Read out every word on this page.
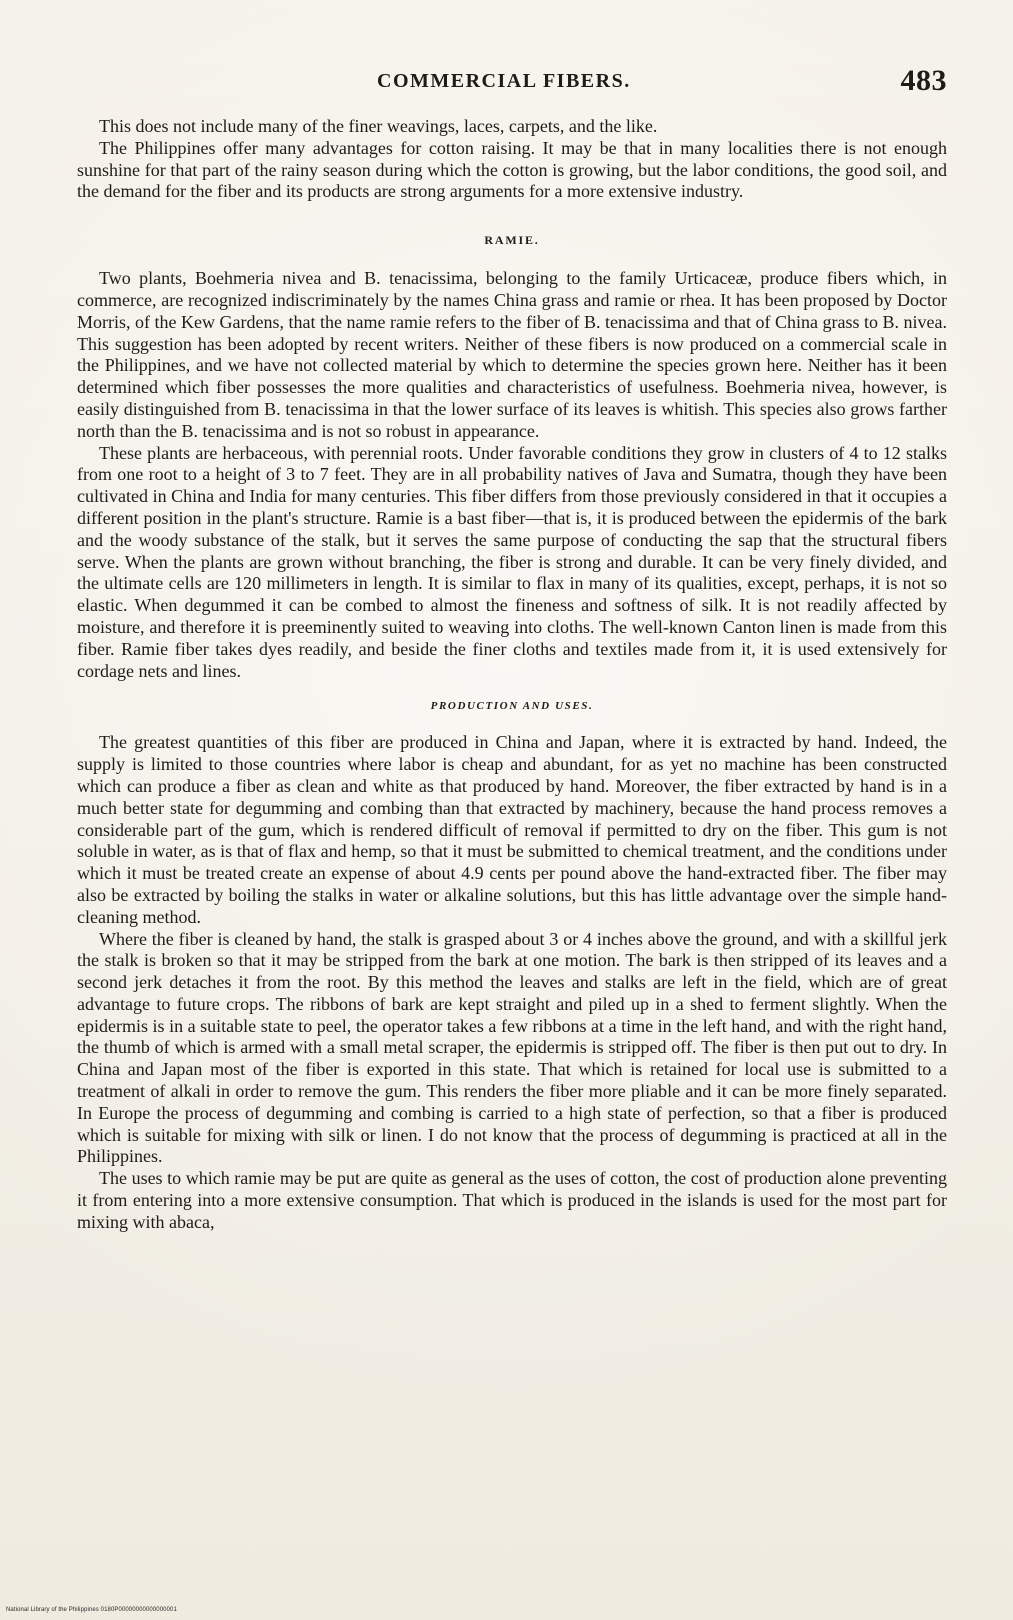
COMMERCIAL FIBERS.	483

This does not include many of the finer weavings, laces, carpets, and the like.

The Philippines offer many advantages for cotton raising. It may be that in many localities there is not enough sunshine for that part of the rainy season during which the cotton is growing, but the labor conditions, the good soil, and the demand for the fiber and its products are strong arguments for a more extensive industry.

RAMIE.

Two plants, Boehmeria nivea and B. tenacissima, belonging to the family Urticaceæ, produce fibers which, in commerce, are recognized indiscriminately by the names China grass and ramie or rhea. It has been proposed by Doctor Morris, of the Kew Gardens, that the name ramie refers to the fiber of B. tenacissima and that of China grass to B. nivea. This suggestion has been adopted by recent writers. Neither of these fibers is now produced on a commercial scale in the Philippines, and we have not collected material by which to determine the species grown here. Neither has it been determined which fiber possesses the more qualities and characteristics of usefulness. Boehmeria nivea, however, is easily distinguished from B. tenacissima in that the lower surface of its leaves is whitish. This species also grows farther north than the B. tenacissima and is not so robust in appearance.

These plants are herbaceous, with perennial roots. Under favorable conditions they grow in clusters of 4 to 12 stalks from one root to a height of 3 to 7 feet. They are in all probability natives of Java and Sumatra, though they have been cultivated in China and India for many centuries. This fiber differs from those previously considered in that it occupies a different position in the plant's structure. Ramie is a bast fiber—that is, it is produced between the epidermis of the bark and the woody substance of the stalk, but it serves the same purpose of conducting the sap that the structural fibers serve. When the plants are grown without branching, the fiber is strong and durable. It can be very finely divided, and the ultimate cells are 120 millimeters in length. It is similar to flax in many of its qualities, except, perhaps, it is not so elastic. When degummed it can be combed to almost the fineness and softness of silk. It is not readily affected by moisture, and therefore it is preeminently suited to weaving into cloths. The well-known Canton linen is made from this fiber. Ramie fiber takes dyes readily, and beside the finer cloths and textiles made from it, it is used extensively for cordage nets and lines.

PRODUCTION AND USES.

The greatest quantities of this fiber are produced in China and Japan, where it is extracted by hand. Indeed, the supply is limited to those countries where labor is cheap and abundant, for as yet no machine has been constructed which can produce a fiber as clean and white as that produced by hand. Moreover, the fiber extracted by hand is in a much better state for degumming and combing than that extracted by machinery, because the hand process removes a considerable part of the gum, which is rendered difficult of removal if permitted to dry on the fiber. This gum is not soluble in water, as is that of flax and hemp, so that it must be submitted to chemical treatment, and the conditions under which it must be treated create an expense of about 4.9 cents per pound above the hand-extracted fiber. The fiber may also be extracted by boiling the stalks in water or alkaline solutions, but this has little advantage over the simple hand-cleaning method.

Where the fiber is cleaned by hand, the stalk is grasped about 3 or 4 inches above the ground, and with a skillful jerk the stalk is broken so that it may be stripped from the bark at one motion. The bark is then stripped of its leaves and a second jerk detaches it from the root. By this method the leaves and stalks are left in the field, which are of great advantage to future crops. The ribbons of bark are kept straight and piled up in a shed to ferment slightly. When the epidermis is in a suitable state to peel, the operator takes a few ribbons at a time in the left hand, and with the right hand, the thumb of which is armed with a small metal scraper, the epidermis is stripped off. The fiber is then put out to dry. In China and Japan most of the fiber is exported in this state. That which is retained for local use is submitted to a treatment of alkali in order to remove the gum. This renders the fiber more pliable and it can be more finely separated. In Europe the process of degumming and combing is carried to a high state of perfection, so that a fiber is produced which is suitable for mixing with silk or linen. I do not know that the process of degumming is practiced at all in the Philippines.

The uses to which ramie may be put are quite as general as the uses of cotton, the cost of production alone preventing it from entering into a more extensive consumption. That which is produced in the islands is used for the most part for mixing with abaca,

National Library of the Philippines 0180P00000000000000001
